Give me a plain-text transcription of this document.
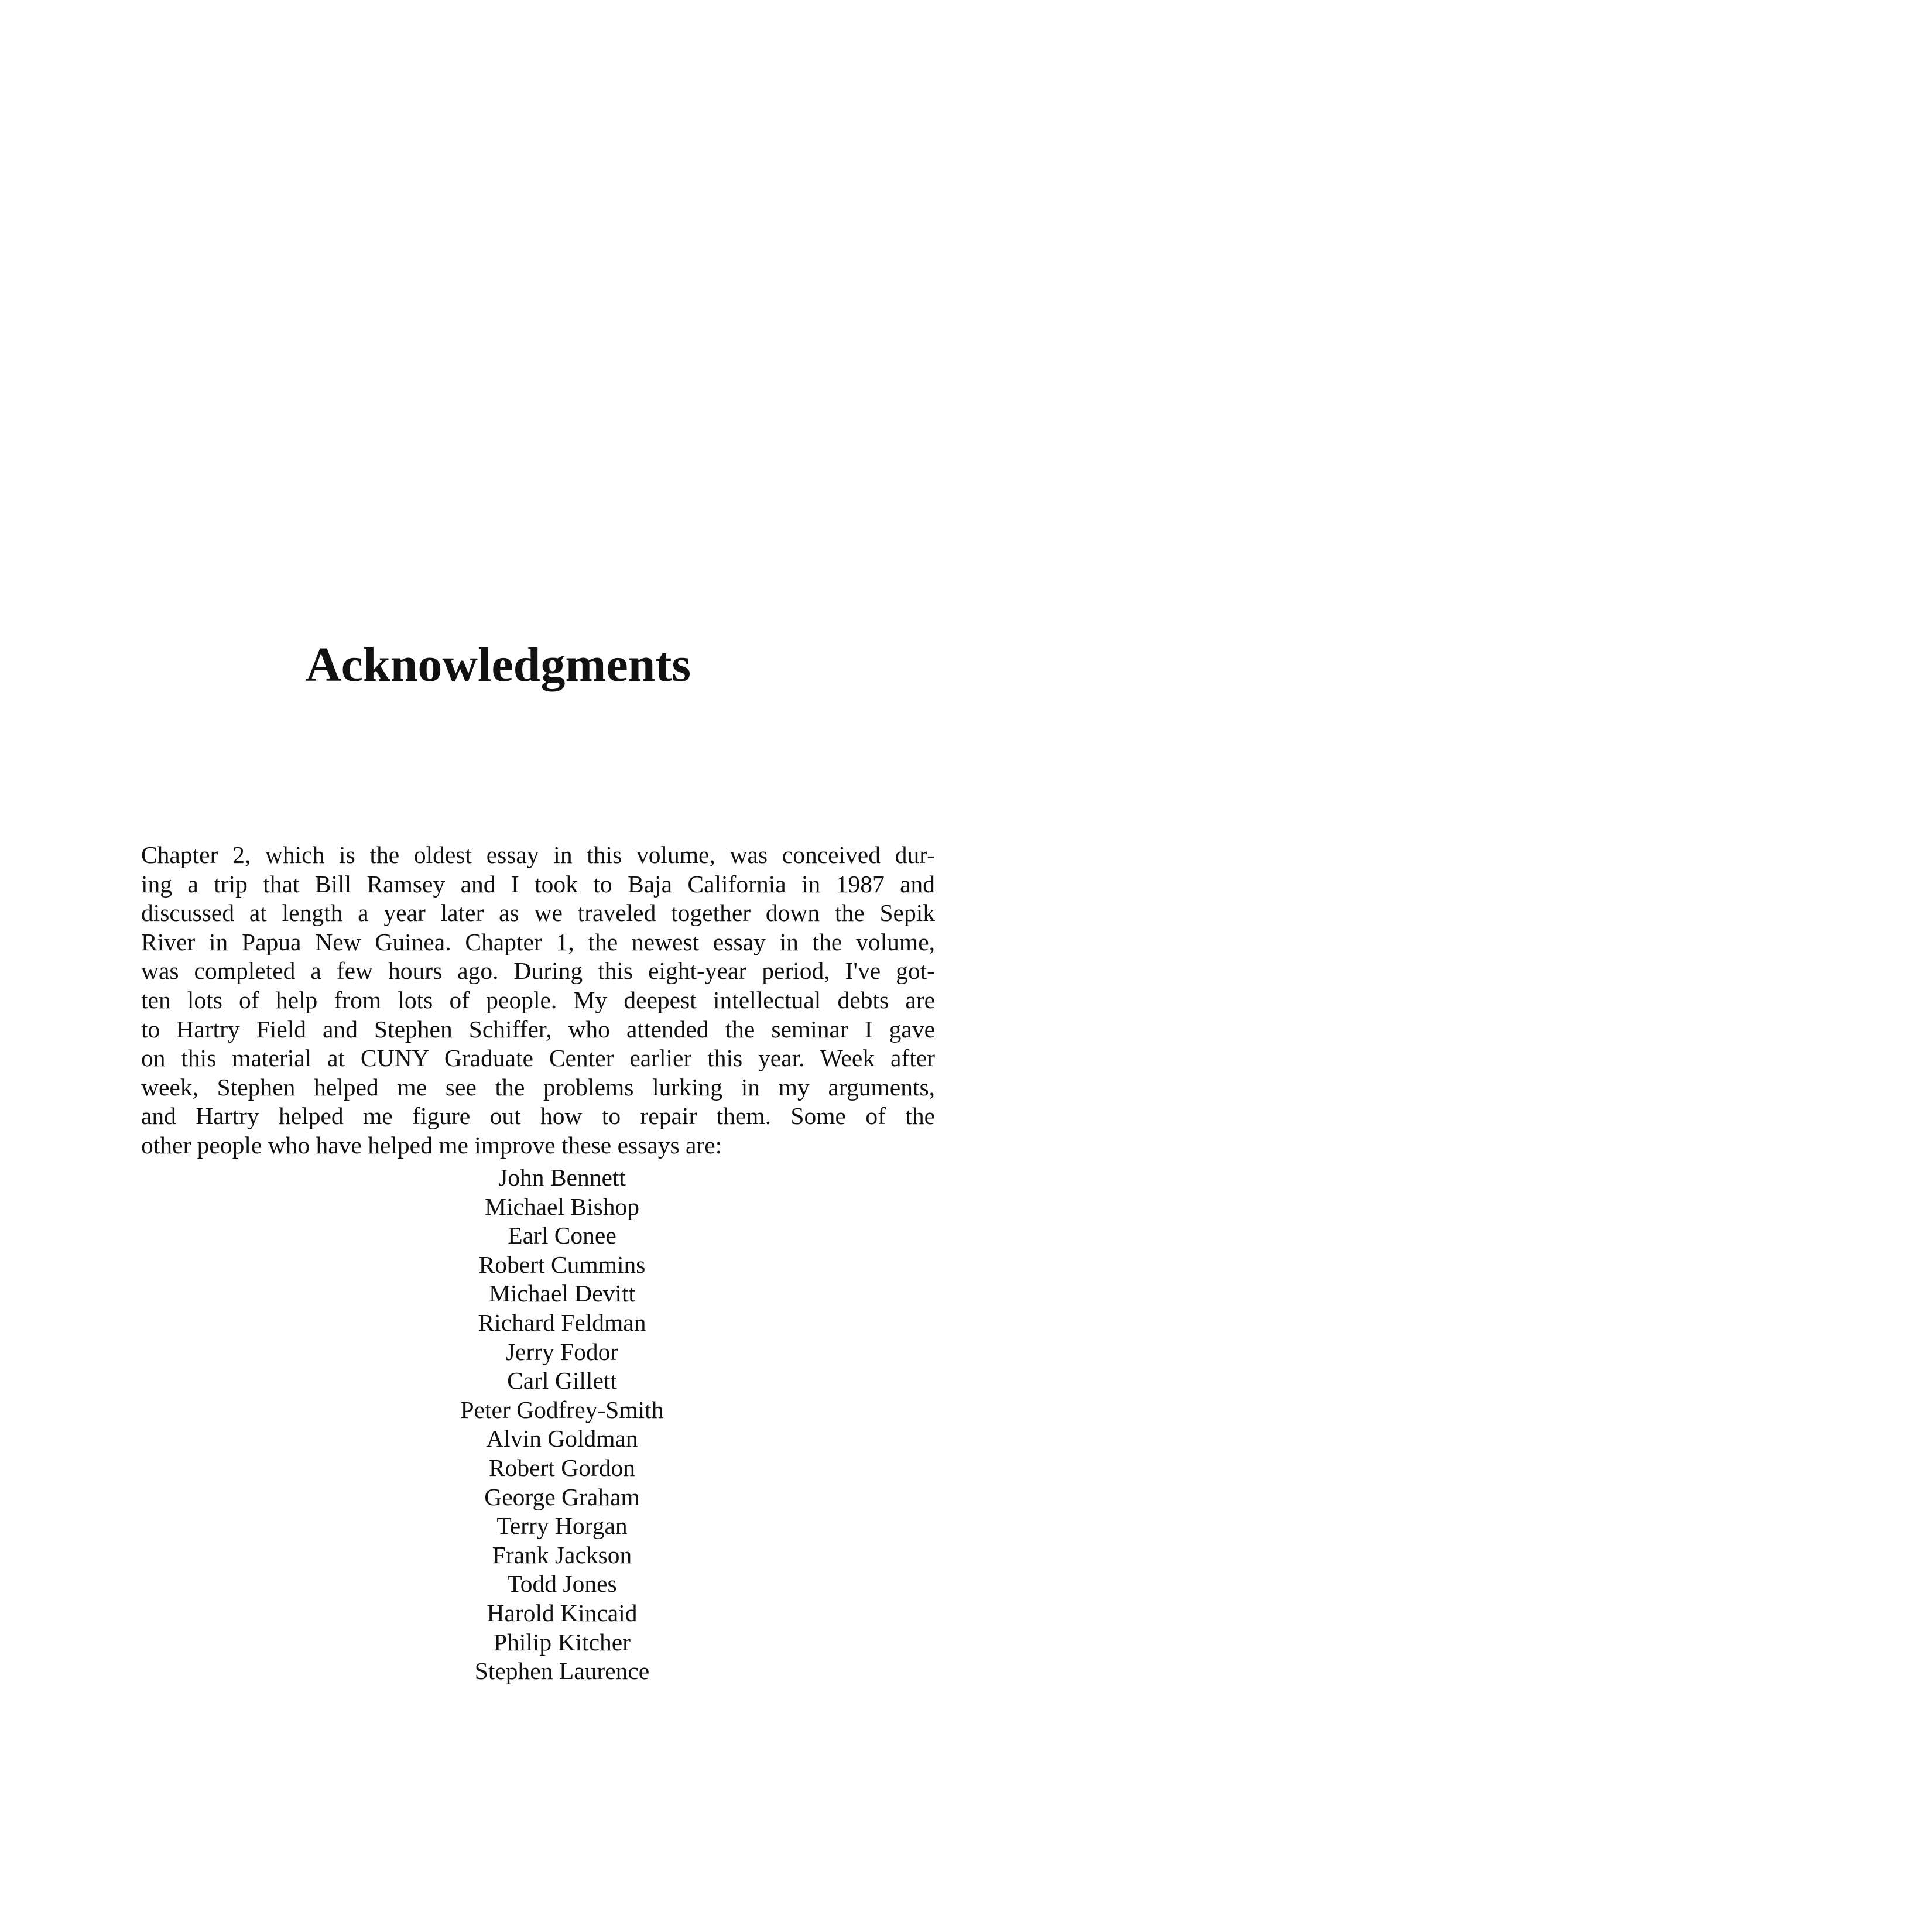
Acknowledgments

Chapter 2, which is the oldest essay in this volume, was conceived dur-
ing a trip that Bill Ramsey and I took to Baja California in 1987 and
discussed at length a year later as we traveled together down the Sepik
River in Papua New Guinea. Chapter 1, the newest essay in the volume,
was completed a few hours ago. During this eight-year period, I've got-
ten lots of help from lots of people. My deepest intellectual debts are
to Hartry Field and Stephen Schiffer, who attended the seminar I gave
on this material at CUNY Graduate Center earlier this year. Week after
week, Stephen helped me see the problems lurking in my arguments,
and Hartry helped me figure out how to repair them. Some of the
other people who have helped me improve these essays are:

John Bennett
Michael Bishop
Earl Conee
Robert Cummins
Michael Devitt
Richard Feldman
Jerry Fodor
Carl Gillett
Peter Godfrey-Smith
Alvin Goldman
Robert Gordon
George Graham
Terry Horgan
Frank Jackson
Todd Jones
Harold Kincaid
Philip Kitcher
Stephen Laurence
